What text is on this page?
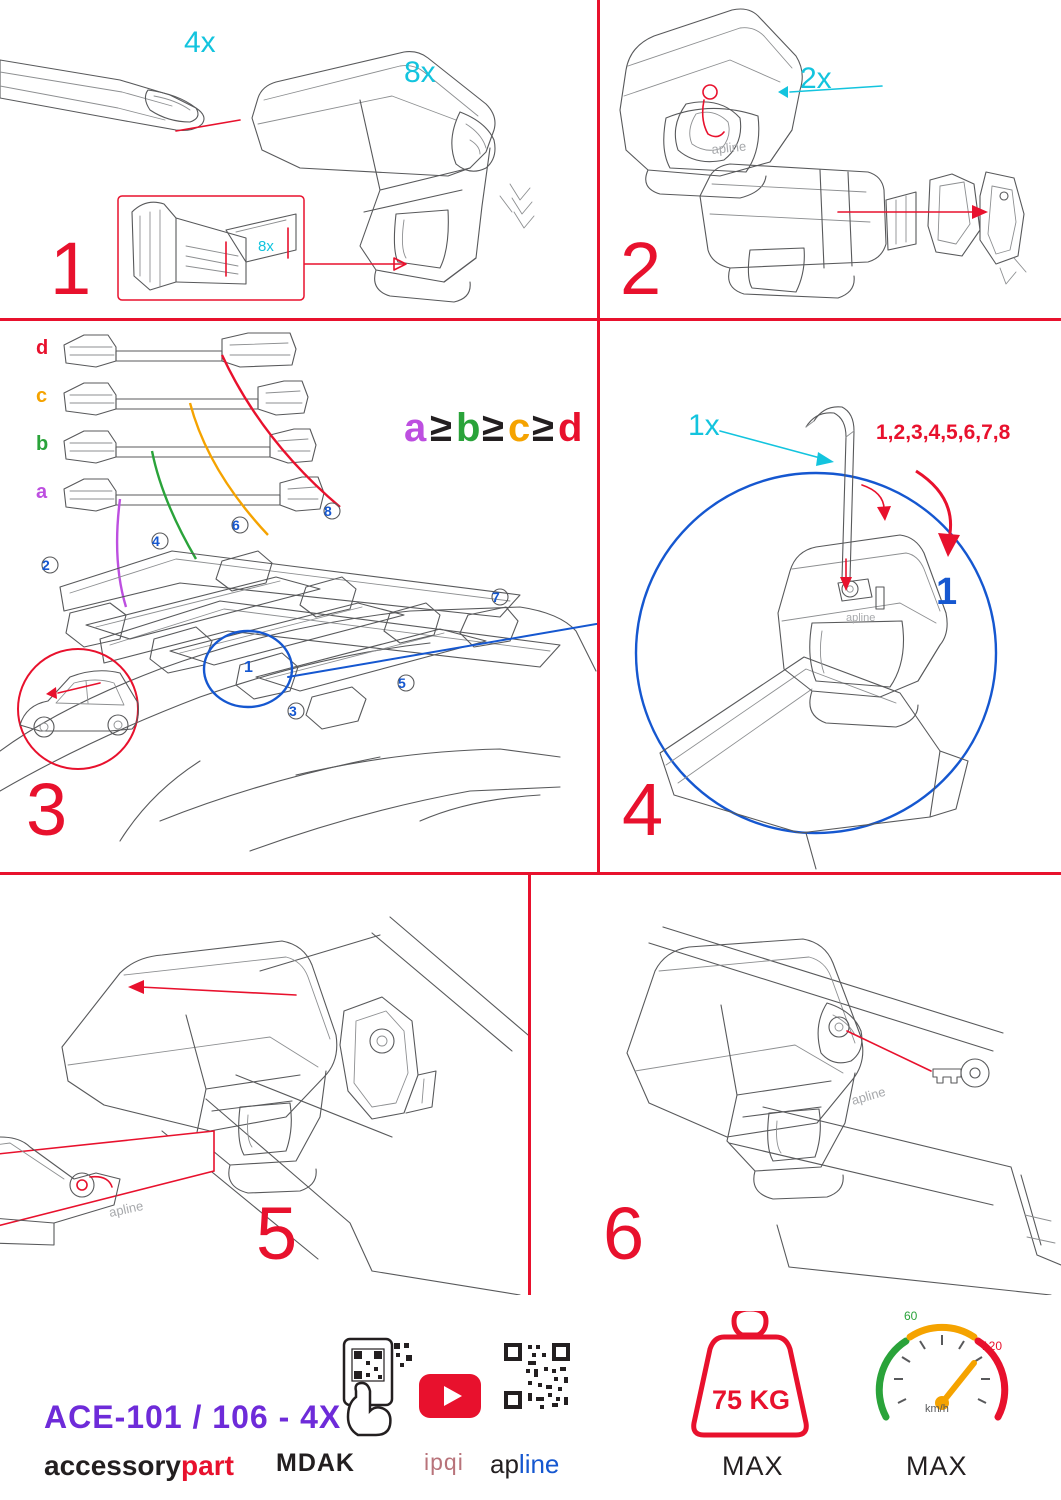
4x
8x
8x
1
apline
2x
2
d
c
b
a
a ≥ b ≥ c ≥ d
2
4
6
8
7
5
3
1
3
apline
1x	1,2,3,4,5,6,7,8
1
4
apline 5
apline
6
ACE-101 / 106 - 4X
accessorypart MDAK	ipqi apline
75 KG
MAX
60
120
km/h
MAX
